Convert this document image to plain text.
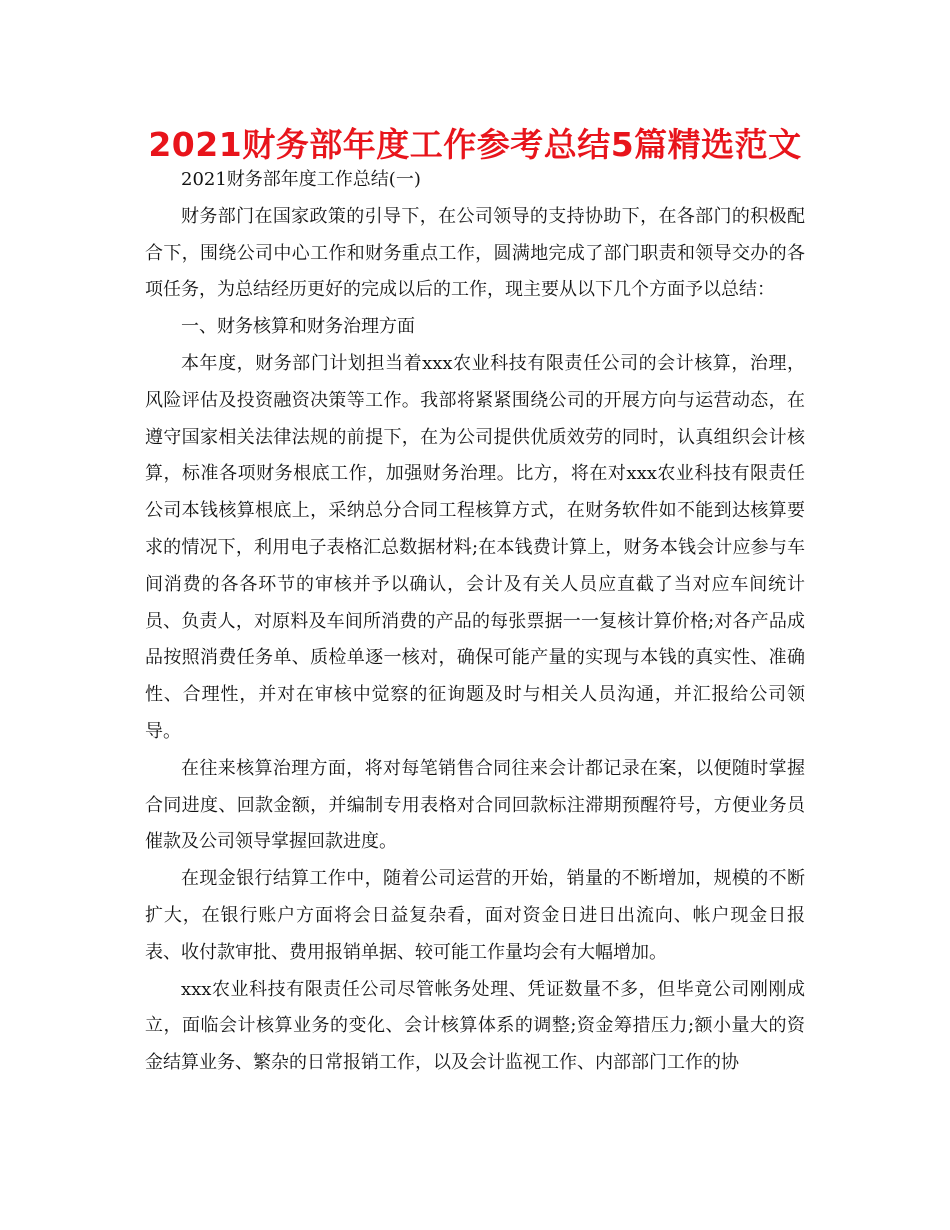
2021财务部年度工作参考总结5篇精选范文

2021财务部年度工作总结(一)

财务部门在国家政策的引导下，在公司领导的支持协助下，在各部门的积极配合下，围绕公司中心工作和财务重点工作，圆满地完成了部门职责和领导交办的各项任务，为总结经历更好的完成以后的工作，现主要从以下几个方面予以总结：

一、财务核算和财务治理方面

本年度，财务部门计划担当着xxx农业科技有限责任公司的会计核算，治理，风险评估及投资融资决策等工作。我部将紧紧围绕公司的开展方向与运营动态，在遵守国家相关法律法规的前提下，在为公司提供优质效劳的同时，认真组织会计核算，标准各项财务根底工作，加强财务治理。比方，将在对xxx农业科技有限责任公司本钱核算根底上，采纳总分合同工程核算方式，在财务软件如不能到达核算要求的情况下，利用电子表格汇总数据材料;在本钱费计算上，财务本钱会计应参与车间消费的各各环节的审核并予以确认，会计及有关人员应直截了当对应车间统计员、负责人，对原料及车间所消费的产品的每张票据一一复核计算价格;对各产品成品按照消费任务单、质检单逐一核对，确保可能产量的实现与本钱的真实性、准确性、合理性，并对在审核中觉察的征询题及时与相关人员沟通，并汇报给公司领导。

在往来核算治理方面，将对每笔销售合同往来会计都记录在案，以便随时掌握合同进度、回款金额，并编制专用表格对合同回款标注滞期预醒符号，方便业务员催款及公司领导掌握回款进度。

在现金银行结算工作中，随着公司运营的开始，销量的不断增加，规模的不断扩大，在银行账户方面将会日益复杂看，面对资金日进日出流向、帐户现金日报表、收付款审批、费用报销单据、较可能工作量均会有大幅增加。

xxx农业科技有限责任公司尽管帐务处理、凭证数量不多，但毕竟公司刚刚成立，面临会计核算业务的变化、会计核算体系的调整;资金筹措压力;额小量大的资金结算业务、繁杂的日常报销工作，以及会计监视工作、内部部门工作的协
